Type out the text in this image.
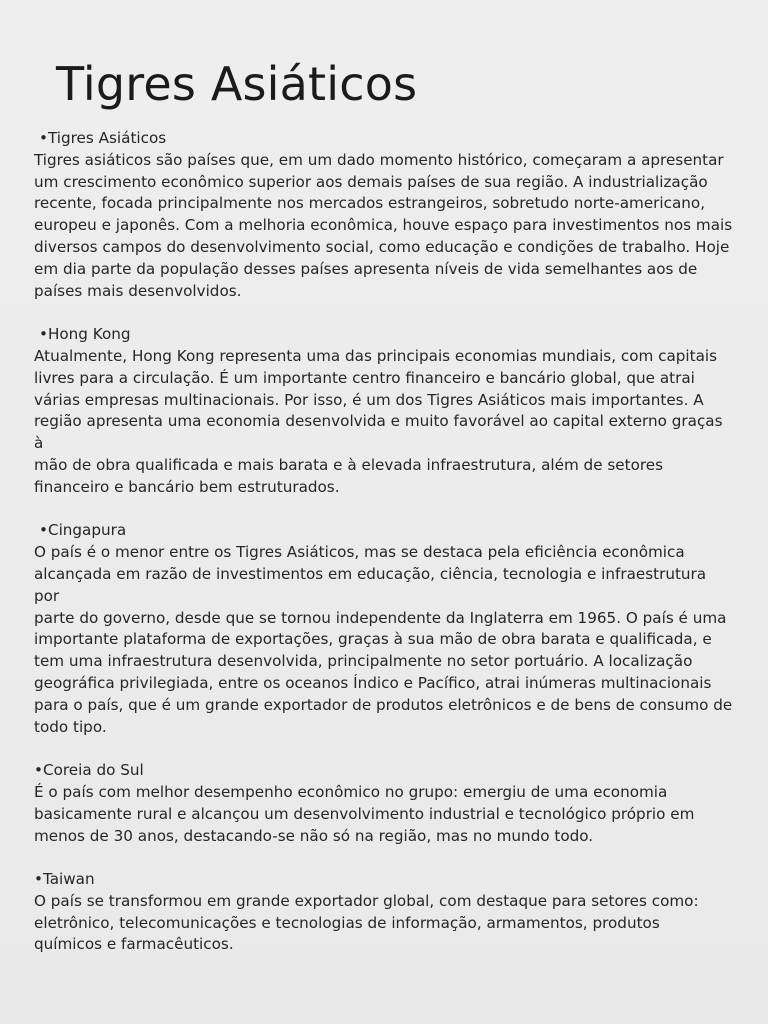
Tigres Asiáticos
•Tigres Asiáticos

Tigres asiáticos são países que, em um dado momento histórico, começaram a apresentar
um crescimento econômico superior aos demais países de sua região. A industrialização
recente, focada principalmente nos mercados estrangeiros, sobretudo norte-americano,
europeu e japonês. Com a melhoria econômica, houve espaço para investimentos nos mais
diversos campos do desenvolvimento social, como educação e condições de trabalho. Hoje
em dia parte da população desses países apresenta níveis de vida semelhantes aos de
países mais desenvolvidos.

•Hong Kong

Atualmente, Hong Kong representa uma das principais economias mundiais, com capitais
livres para a circulação. É um importante centro financeiro e bancário global, que atrai
várias empresas multinacionais. Por isso, é um dos Tigres Asiáticos mais importantes. A
região apresenta uma economia desenvolvida e muito favorável ao capital externo graças à
mão de obra qualificada e mais barata e à elevada infraestrutura, além de setores
financeiro e bancário bem estruturados.

•Cingapura

O país é o menor entre os Tigres Asiáticos, mas se destaca pela eficiência econômica
alcançada em razão de investimentos em educação, ciência, tecnologia e infraestrutura por
parte do governo, desde que se tornou independente da Inglaterra em 1965. O país é uma
importante plataforma de exportações, graças à sua mão de obra barata e qualificada, e
tem uma infraestrutura desenvolvida, principalmente no setor portuário. A localização
geográfica privilegiada, entre os oceanos Índico e Pacífico, atrai inúmeras multinacionais
para o país, que é um grande exportador de produtos eletrônicos e de bens de consumo de
todo tipo.

•Coreia do Sul

É o país com melhor desempenho econômico no grupo: emergiu de uma economia
basicamente rural e alcançou um desenvolvimento industrial e tecnológico próprio em
menos de 30 anos, destacando-se não só na região, mas no mundo todo.

•Taiwan

O país se transformou em grande exportador global, com destaque para setores como:
eletrônico, telecomunicações e tecnologias de informação, armamentos, produtos
químicos e farmacêuticos.
